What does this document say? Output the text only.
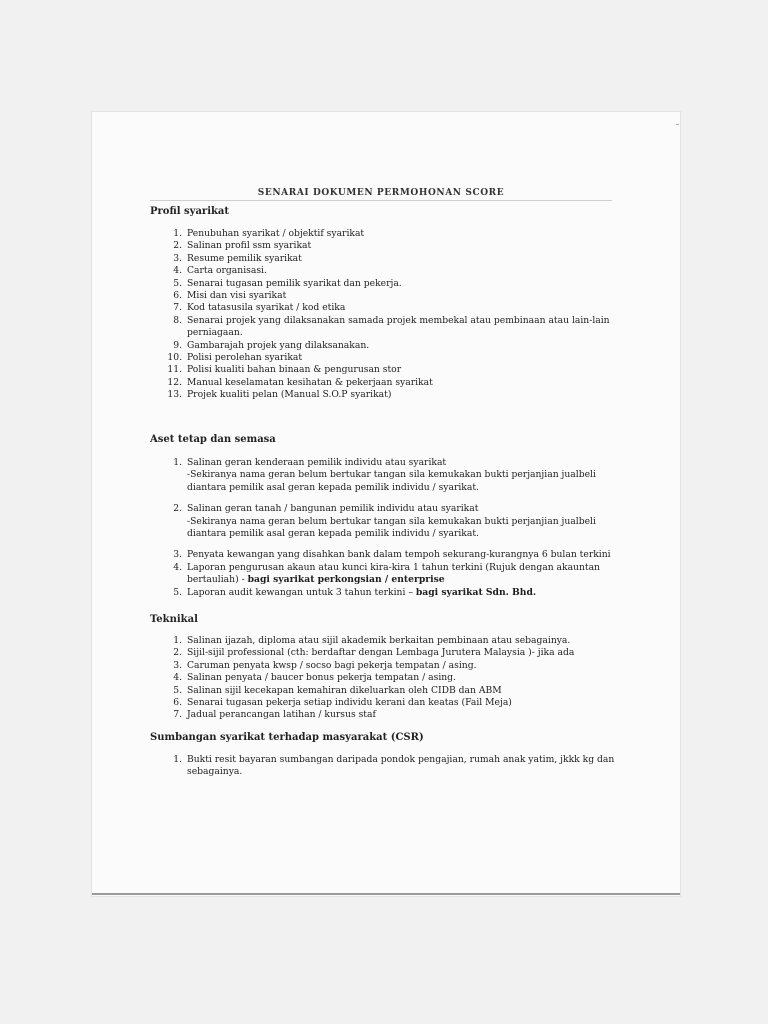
SENARAI DOKUMEN PERMOHONAN SCORE
Profil syarikat
1. Penubuhan syarikat / objektif syarikat
2. Salinan profil ssm syarikat
3. Resume pemilik syarikat
4. Carta organisasi.
5. Senarai tugasan pemilik syarikat dan pekerja.
6. Misi dan visi syarikat
7. Kod tatasusila syarikat / kod etika
8. Senarai projek yang dilaksanakan samada projek membekal atau pembinaan atau lain-lain
perniagaan.
9. Gambarajah projek yang dilaksanakan.
10. Polisi perolehan syarikat
11. Polisi kualiti bahan binaan & pengurusan stor
12. Manual keselamatan kesihatan & pekerjaan syarikat
13. Projek kualiti pelan (Manual S.O.P syarikat)
Aset tetap dan semasa
1. Salinan geran kenderaan pemilik individu atau syarikat
-Sekiranya nama geran belum bertukar tangan sila kemukakan bukti perjanjian jualbeli
diantara pemilik asal geran kepada pemilik individu / syarikat.
2. Salinan geran tanah / bangunan pemilik individu atau syarikat
-Sekiranya nama geran belum bertukar tangan sila kemukakan bukti perjanjian jualbeli
diantara pemilik asal geran kepada pemilik individu / syarikat.
3. Penyata kewangan yang disahkan bank dalam tempoh sekurang-kurangnya 6 bulan terkini
4. Laporan pengurusan akaun atau kunci kira-kira 1 tahun terkini (Rujuk dengan akauntan
bertauliah) - bagi syarikat perkongsian / enterprise
5. Laporan audit kewangan untuk 3 tahun terkini – bagi syarikat Sdn. Bhd.
Teknikal
1. Salinan ijazah, diploma atau sijil akademik berkaitan pembinaan atau sebagainya.
2. Sijil-sijil professional (cth: berdaftar dengan Lembaga Jurutera Malaysia )- jika ada
3. Caruman penyata kwsp / socso bagi pekerja tempatan / asing.
4. Salinan penyata / baucer bonus pekerja tempatan / asing.
5. Salinan sijil kecekapan kemahiran dikeluarkan oleh CIDB dan ABM
6. Senarai tugasan pekerja setiap individu kerani dan keatas (Fail Meja)
7. Jadual perancangan latihan / kursus staf
Sumbangan syarikat terhadap masyarakat (CSR)
1. Bukti resit bayaran sumbangan daripada pondok pengajian, rumah anak yatim, jkkk kg dan
sebagainya.
